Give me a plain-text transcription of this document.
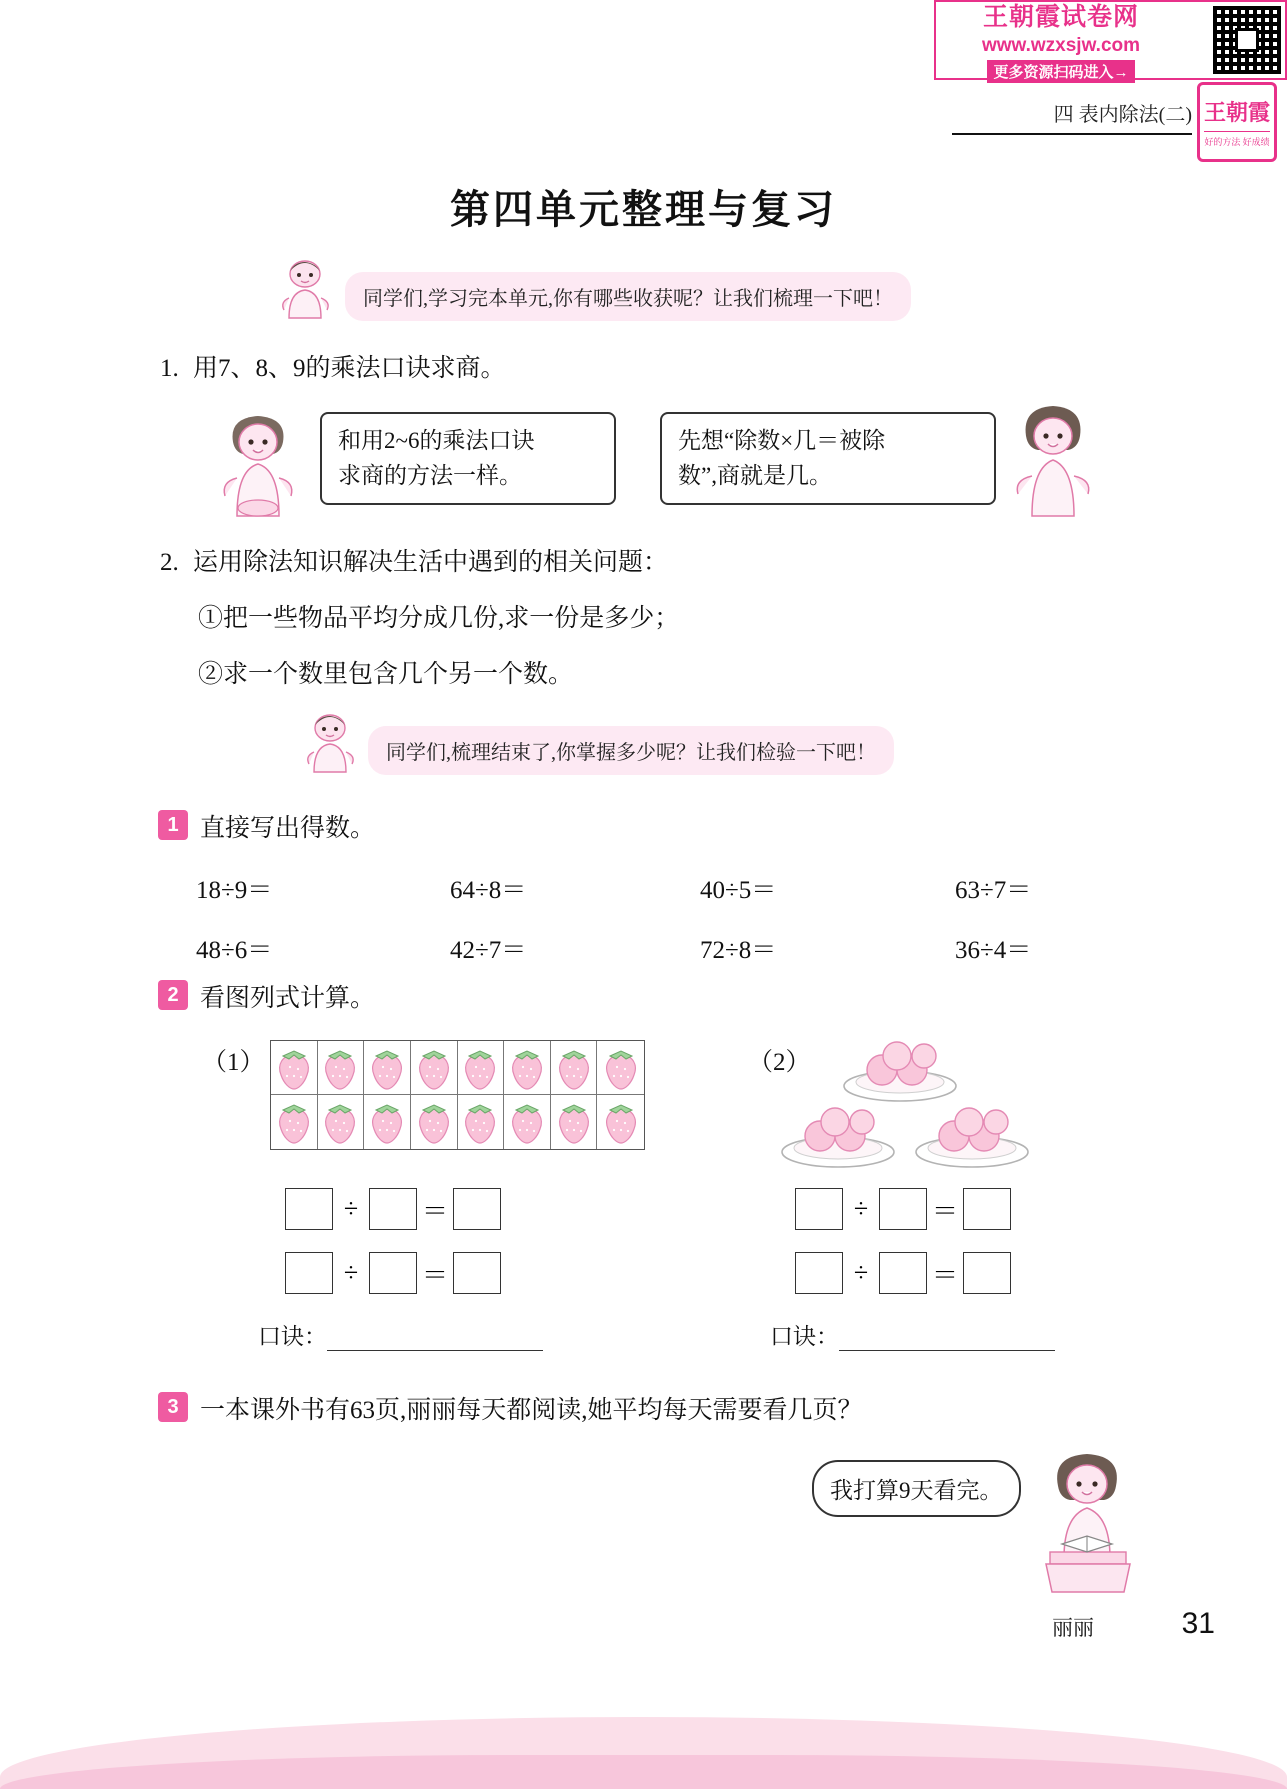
王朝霞试卷网
www.wzxsjw.com
更多资源扫码进入→
王朝霞
好的方法 好成绩
四 表内除法(二)
第四单元整理与复习
同学们,学习完本单元,你有哪些收获呢？让我们梳理一下吧！
1. 用7、8、9的乘法口诀求商。
和用2~6的乘法口诀
求商的方法一样。
先想“除数×几＝被除
数”,商就是几。
2. 运用除法知识解决生活中遇到的相关问题：
①把一些物品平均分成几份,求一份是多少；
②求一个数里包含几个另一个数。
同学们,梳理结束了,你掌握多少呢？让我们检验一下吧！
1 直接写出得数。
18÷9＝	64÷8＝	40÷5＝	63÷7＝
48÷6＝	42÷7＝	72÷8＝	36÷4＝
2 看图列式计算。
（1）
÷ ＝
÷ ＝
口诀：
（2）
÷ ＝
÷ ＝
口诀：
3 一本课外书有63页,丽丽每天都阅读,她平均每天需要看几页？
我打算9天看完。
丽丽	31
